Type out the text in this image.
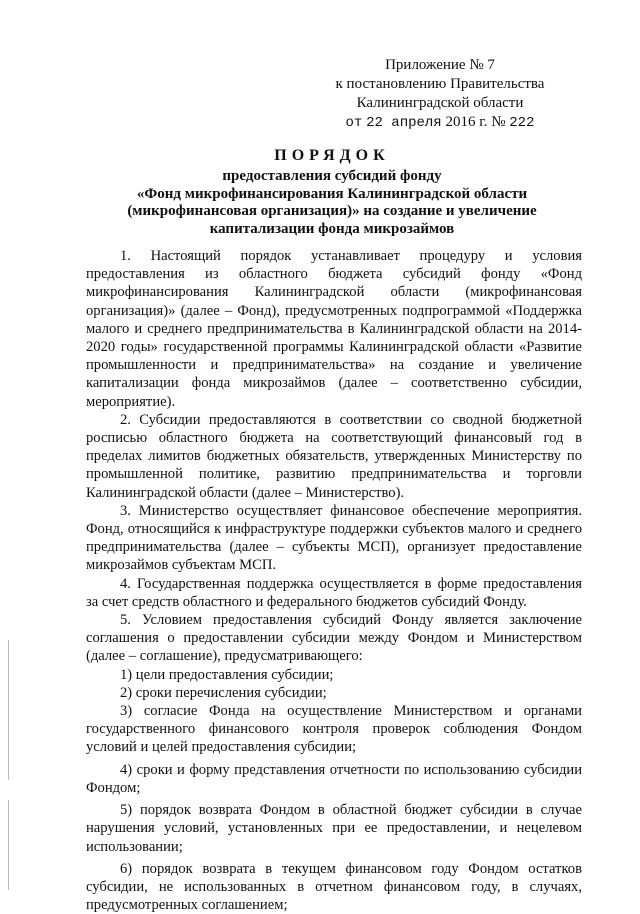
Приложение № 7
к постановлению Правительства
Калининградской области
от 22 апреля 2016 г. № 222
ПОРЯДОК
предоставления субсидий фонду
«Фонд микрофинансирования Калининградской области
(микрофинансовая организация)» на создание и увеличение
капитализации фонда микрозаймов

1. Настоящий порядок устанавливает процедуру и условия предоставления из областного бюджета субсидий фонду «Фонд микрофинансирования Калининградской области (микрофинансовая организация)» (далее – Фонд), предусмотренных подпрограммой «Поддержка малого и среднего предпринимательства в Калининградской области на 2014-2020 годы» государственной программы Калининградской области «Развитие промышленности и предпринимательства» на создание и увеличение капитализации фонда микрозаймов (далее – соответственно субсидии, мероприятие).

2. Субсидии предоставляются в соответствии со сводной бюджетной росписью областного бюджета на соответствующий финансовый год в пределах лимитов бюджетных обязательств, утвержденных Министерству по промышленной политике, развитию предпринимательства и торговли Калининградской области (далее – Министерство).

3. Министерство осуществляет финансовое обеспечение мероприятия. Фонд, относящийся к инфраструктуре поддержки субъектов малого и среднего предпринимательства (далее – субъекты МСП), организует предоставление микрозаймов субъектам МСП.

4. Государственная поддержка осуществляется в форме предоставления за счет средств областного и федерального бюджетов субсидий Фонду.

5. Условием предоставления субсидий Фонду является заключение соглашения о предоставлении субсидии между Фондом и Министерством (далее – соглашение), предусматривающего:

1) цели предоставления субсидии;

2) сроки перечисления субсидии;

3) согласие Фонда на осуществление Министерством и органами государственного финансового контроля проверок соблюдения Фондом условий и целей предоставления субсидии;

4) сроки и форму представления отчетности по использованию субсидии Фондом;

5) порядок возврата Фондом в областной бюджет субсидии в случае нарушения условий, установленных при ее предоставлении, и нецелевом использовании;

6) порядок возврата в текущем финансовом году Фондом остатков субсидии, не использованных в отчетном финансовом году, в случаях, предусмотренных соглашением;
